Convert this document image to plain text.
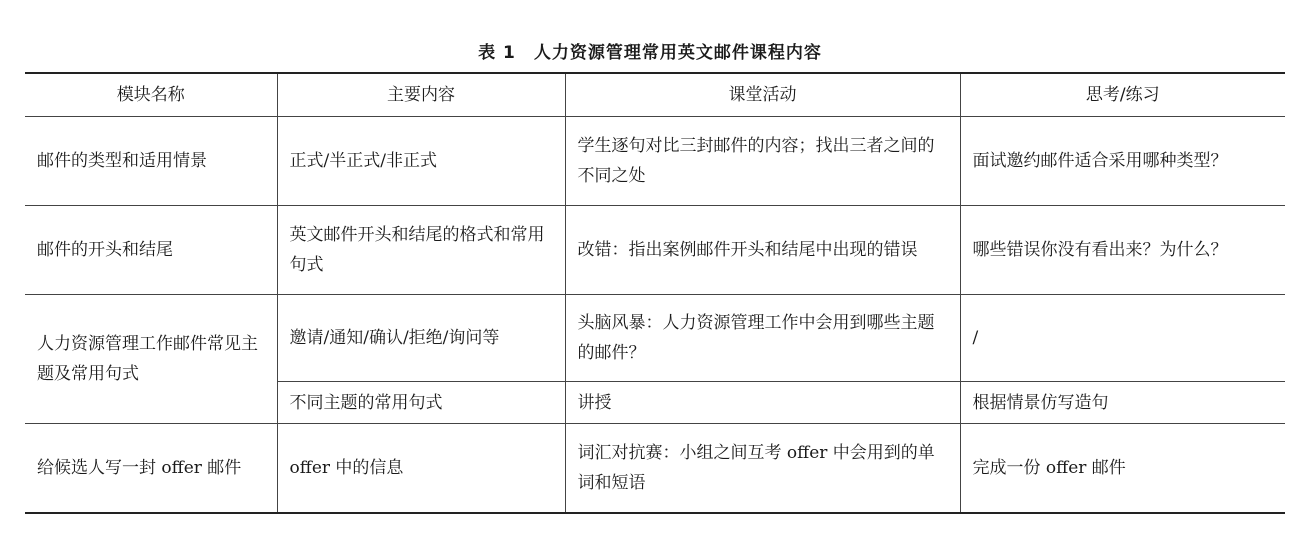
表 1 人力资源管理常用英文邮件课程内容
模块名称	主要内容	课堂活动	思考/练习
邮件的类型和适用情景	正式/半正式/非正式	学生逐句对比三封邮件的内容；找出三者之间的不同之处	面试邀约邮件适合采用哪种类型？
邮件的开头和结尾	英文邮件开头和结尾的格式和常用句式	改错：指出案例邮件开头和结尾中出现的错误	哪些错误你没有看出来？为什么？
人力资源管理工作邮件常见主题及常用句式	邀请/通知/确认/拒绝/询问等	头脑风暴：人力资源管理工作中会用到哪些主题的邮件？	/
	不同主题的常用句式	讲授	根据情景仿写造句
给候选人写一封 offer 邮件	offer 中的信息	词汇对抗赛：小组之间互考 offer 中会用到的单词和短语	完成一份 offer 邮件
